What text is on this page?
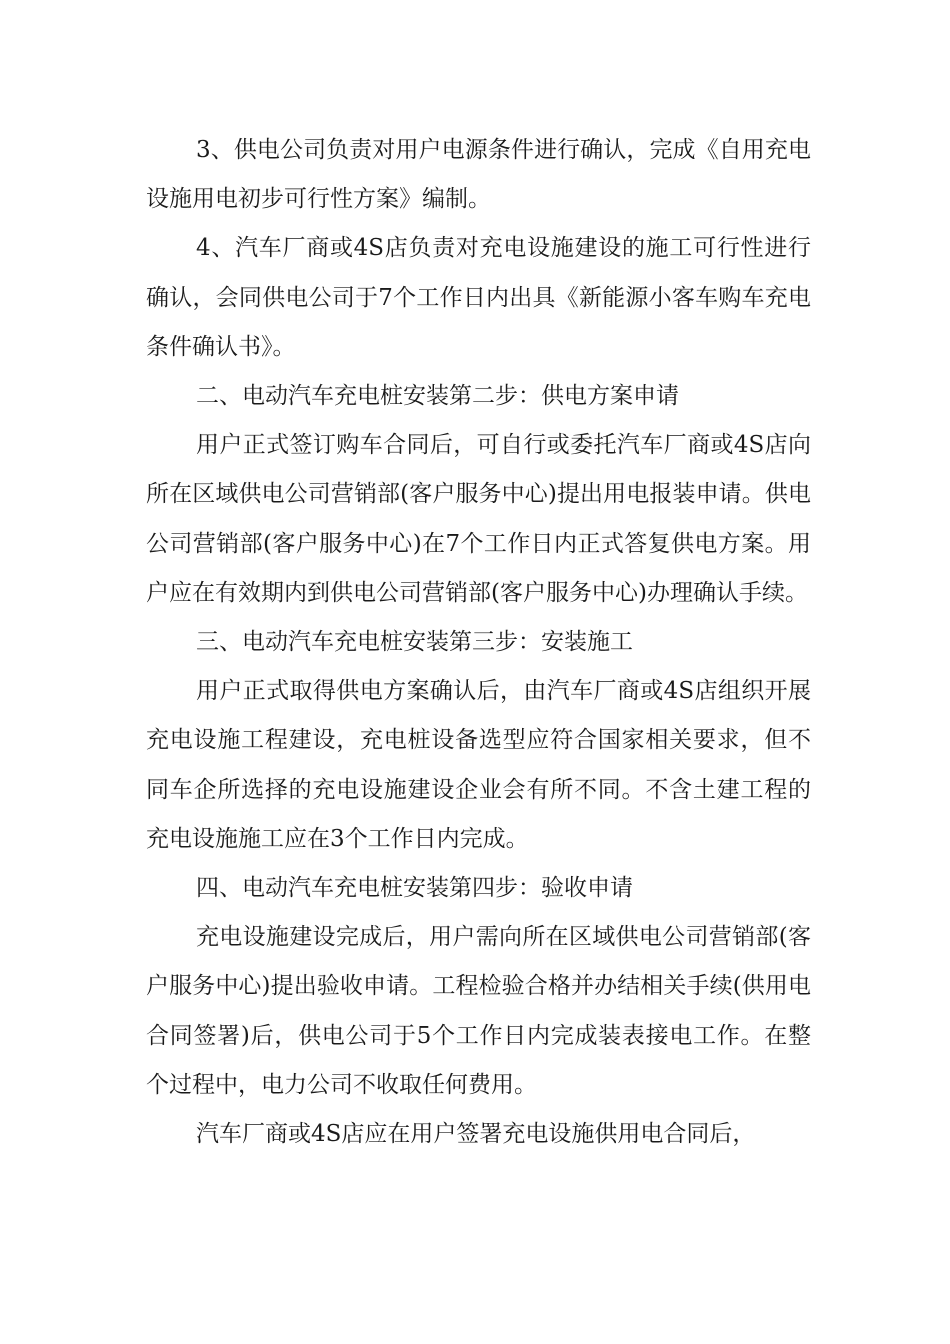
3、供电公司负责对用户电源条件进行确认，完成《自用充电设施用电初步可行性方案》编制。

4、汽车厂商或4S店负责对充电设施建设的施工可行性进行确认，会同供电公司于7个工作日内出具《新能源小客车购车充电条件确认书》。

二、电动汽车充电桩安装第二步：供电方案申请

用户正式签订购车合同后，可自行或委托汽车厂商或4S店向所在区域供电公司营销部(客户服务中心)提出用电报装申请。供电公司营销部(客户服务中心)在7个工作日内正式答复供电方案。用户应在有效期内到供电公司营销部(客户服务中心)办理确认手续。

三、电动汽车充电桩安装第三步：安装施工

用户正式取得供电方案确认后，由汽车厂商或4S店组织开展充电设施工程建设，充电桩设备选型应符合国家相关要求，但不同车企所选择的充电设施建设企业会有所不同。不含土建工程的充电设施施工应在3个工作日内完成。

四、电动汽车充电桩安装第四步：验收申请

充电设施建设完成后，用户需向所在区域供电公司营销部(客户服务中心)提出验收申请。工程检验合格并办结相关手续(供用电合同签署)后，供电公司于5个工作日内完成装表接电工作。在整个过程中，电力公司不收取任何费用。

汽车厂商或4S店应在用户签署充电设施供用电合同后，
